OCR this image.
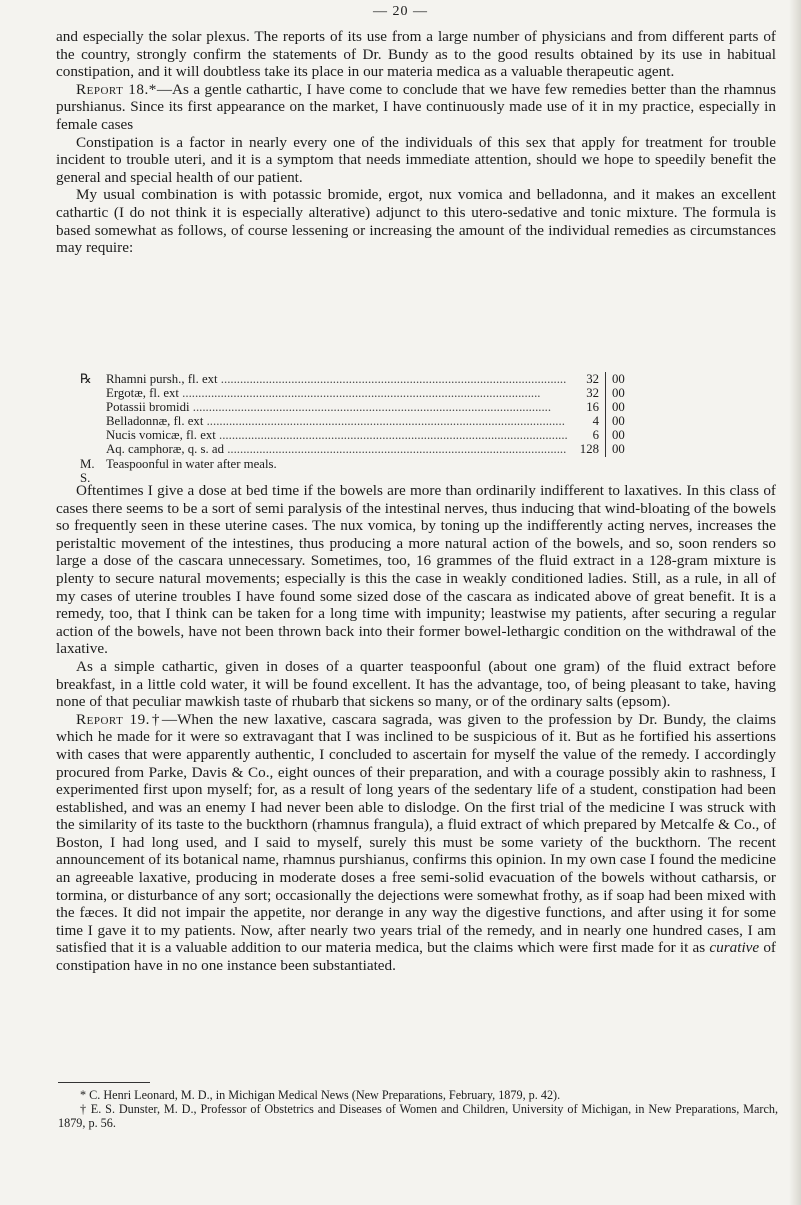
— 20 —

and especially the solar plexus. The reports of its use from a large number of physicians and from different parts of the country, strongly confirm the statements of Dr. Bundy as to the good results obtained by its use in habitual constipation, and it will doubtless take its place in our materia medica as a valuable therapeutic agent.

Report 18.*—As a gentle cathartic, I have come to conclude that we have few remedies better than the rhamnus purshianus. Since its first appearance on the market, I have continuously made use of it in my practice, especially in female cases

Constipation is a factor in nearly every one of the individuals of this sex that apply for treatment for trouble incident to trouble uteri, and it is a symptom that needs immediate attention, should we hope to speedily benefit the general and special health of our patient.

My usual combination is with potassic bromide, ergot, nux vomica and belladonna, and it makes an excellent cathartic (I do not think it is especially alterative) adjunct to this utero-sedative and tonic mixture. The formula is based somewhat as follows, of course lessening or increasing the amount of the individual remedies as circumstances may require:

℞	Rhamni pursh., fl. ext .....	32	00
Ergotæ, fl. ext .....	32	00
Potassii bromidi .....	16	00
Belladonnæ, fl. ext .....	4	00
Nucis vomicæ, fl. ext .....	6	00
Aq. camphoræ, q. s. ad .....	128	00
M. S.
Teaspoonful in water after meals.

Oftentimes I give a dose at bed time if the bowels are more than ordinarily indifferent to laxatives. In this class of cases there seems to be a sort of semi paralysis of the intestinal nerves, thus inducing that wind-bloating of the bowels so frequently seen in these uterine cases. The nux vomica, by toning up the indifferently acting nerves, increases the peristaltic movement of the intestines, thus producing a more natural action of the bowels, and so, soon renders so large a dose of the cascara unnecessary. Sometimes, too, 16 grammes of the fluid extract in a 128-gram mixture is plenty to secure natural movements; especially is this the case in weakly conditioned ladies. Still, as a rule, in all of my cases of uterine troubles I have found some sized dose of the cascara as indicated above of great benefit. It is a remedy, too, that I think can be taken for a long time with impunity; leastwise my patients, after securing a regular action of the bowels, have not been thrown back into their former bowel-lethargic condition on the withdrawal of the laxative.

As a simple cathartic, given in doses of a quarter teaspoonful (about one gram) of the fluid extract before breakfast, in a little cold water, it will be found excellent. It has the advantage, too, of being pleasant to take, having none of that peculiar mawkish taste of rhubarb that sickens so many, or of the ordinary salts (epsom).

Report 19.†—When the new laxative, cascara sagrada, was given to the profession by Dr. Bundy, the claims which he made for it were so extravagant that I was inclined to be suspicious of it. But as he fortified his assertions with cases that were apparently authentic, I concluded to ascertain for myself the value of the remedy. I accordingly procured from Parke, Davis & Co., eight ounces of their preparation, and with a courage possibly akin to rashness, I experimented first upon myself; for, as a result of long years of the sedentary life of a student, constipation had been established, and was an enemy I had never been able to dislodge. On the first trial of the medicine I was struck with the similarity of its taste to the buckthorn (rhamnus frangula), a fluid extract of which prepared by Metcalfe & Co., of Boston, I had long used, and I said to myself, surely this must be some variety of the buckthorn. The recent announcement of its botanical name, rhamnus purshianus, confirms this opinion. In my own case I found the medicine an agreeable laxative, producing in moderate doses a free semi-solid evacuation of the bowels without catharsis, or tormina, or disturbance of any sort; occasionally the dejections were somewhat frothy, as if soap had been mixed with the fæces. It did not impair the appetite, nor derange in any way the digestive functions, and after using it for some time I gave it to my patients. Now, after nearly two years trial of the remedy, and in nearly one hundred cases, I am satisfied that it is a valuable addition to our materia medica, but the claims which were first made for it as curative of constipation have in no one instance been substantiated.

* C. Henri Leonard, M. D., in Michigan Medical News (New Preparations, February, 1879, p. 42).

† E. S. Dunster, M. D., Professor of Obstetrics and Diseases of Women and Children, University of Michigan, in New Preparations, March, 1879, p. 56.
